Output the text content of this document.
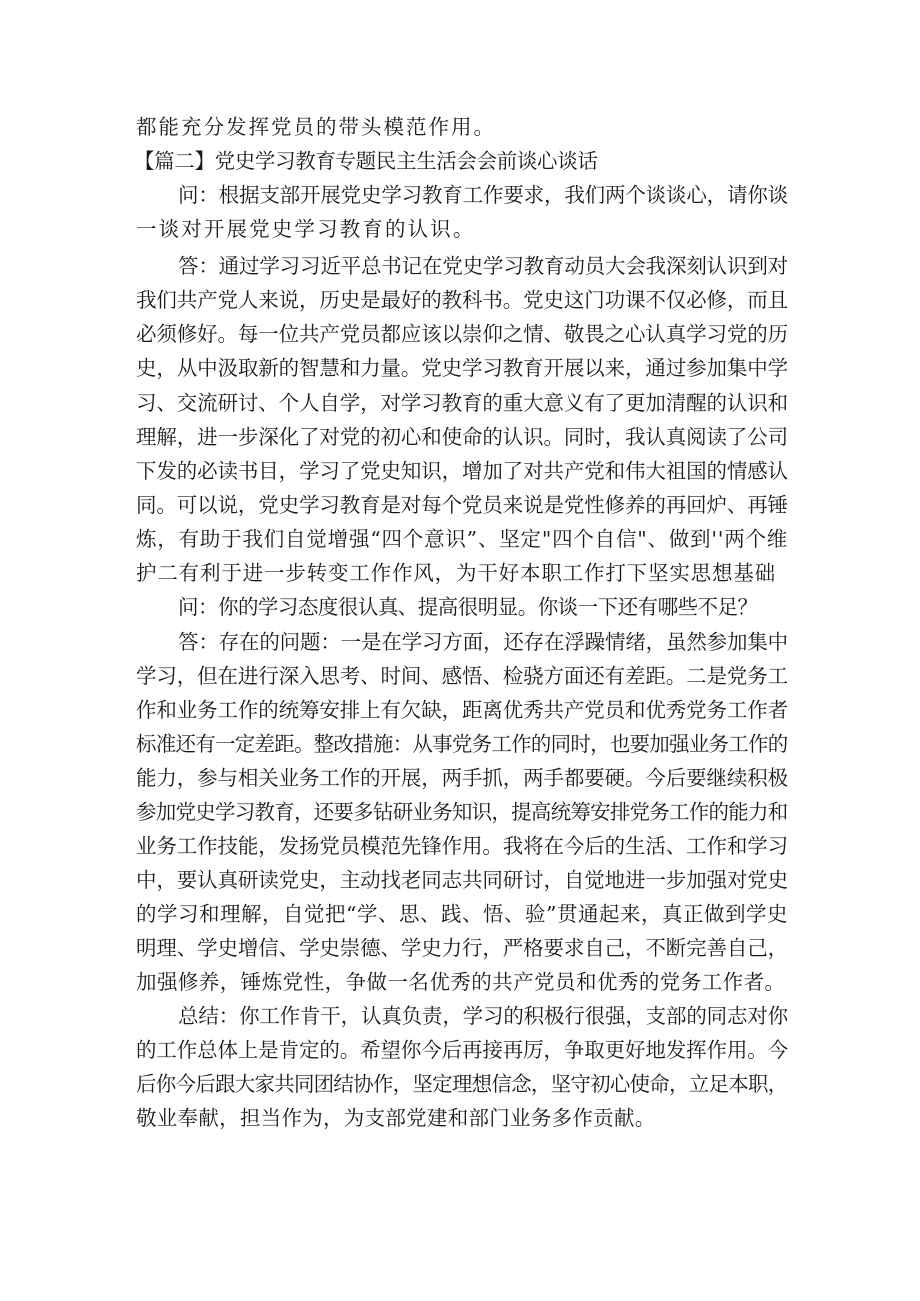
都能充分发挥党员的带头模范作用。
【篇二】党史学习教育专题民主生活会会前谈心谈话
问：根据支部开展党史学习教育工作要求，我们两个谈谈心，请你谈
一谈对开展党史学习教育的认识。
答：通过学习习近平总书记在党史学习教育动员大会我深刻认识到对
我们共产党人来说，历史是最好的教科书。党史这门功课不仅必修，而且
必须修好。每一位共产党员都应该以崇仰之情、敬畏之心认真学习党的历
史，从中汲取新的智慧和力量。党史学习教育开展以来，通过参加集中学
习、交流研讨、个人自学，对学习教育的重大意义有了更加清醒的认识和
理解，进一步深化了对党的初心和使命的认识。同时，我认真阅读了公司
下发的必读书目，学习了党史知识，增加了对共产党和伟大祖国的情感认
同。可以说，党史学习教育是对每个党员来说是党性修养的再回炉、再锤
炼，有助于我们自觉增强“四个意识”、坚定"四个自信"、做到''两个维
护二有利于进一步转变工作作风，为干好本职工作打下坚实思想基础
问：你的学习态度很认真、提高很明显。你谈一下还有哪些不足？
答：存在的问题：一是在学习方面，还存在浮躁情绪，虽然参加集中
学习，但在进行深入思考、时间、感悟、检骁方面还有差距。二是党务工
作和业务工作的统筹安排上有欠缺，距离优秀共产党员和优秀党务工作者
标准还有一定差距。整改措施：从事党务工作的同时，也要加强业务工作的
能力，参与相关业务工作的开展，两手抓，两手都要硬。今后要继续积极
参加党史学习教育，还要多钻研业务知识，提高统筹安排党务工作的能力和
业务工作技能，发扬党员模范先锋作用。我将在今后的生活、工作和学习
中，要认真研读党史，主动找老同志共同研讨，自觉地进一步加强对党史
的学习和理解，自觉把“学、思、践、悟、验”贯通起来，真正做到学史
明理、学史增信、学史崇德、学史力行，严格要求自己，不断完善自己，
加强修养，锤炼党性，争做一名优秀的共产党员和优秀的党务工作者。
总结：你工作肯干，认真负责，学习的积极行很强，支部的同志对你
的工作总体上是肯定的。希望你今后再接再厉，争取更好地发挥作用。今
后你今后跟大家共同团结协作，坚定理想信念，坚守初心使命，立足本职，
敬业奉献，担当作为，为支部党建和部门业务多作贡献。
